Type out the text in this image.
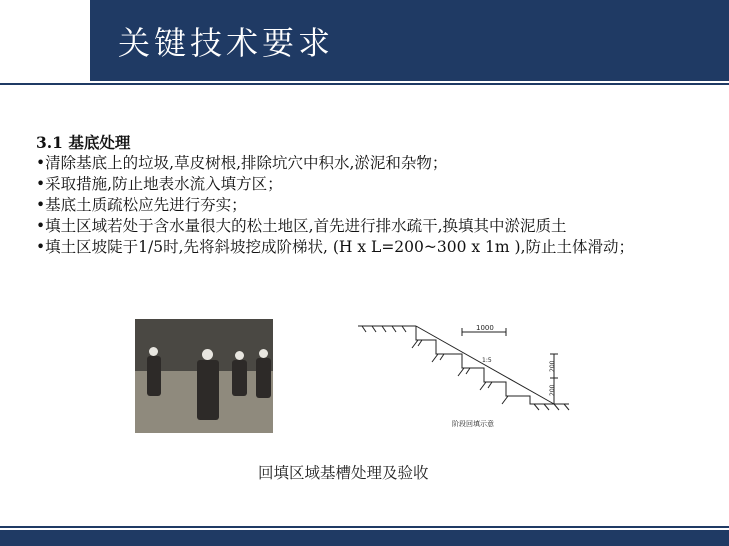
关键技术要求
3.1 基底处理
•清除基底上的垃圾,草皮树根,排除坑穴中积水,淤泥和杂物；
•采取措施,防止地表水流入填方区；
•基底土质疏松应先进行夯实；
•填土区域若处于含水量很大的松土地区,首先进行排水疏干,换填其中淤泥质土
•填土区坡陡于1/5时,先将斜坡挖成阶梯状, (H x L=200~300 x 1m ),防止土体滑动；
1000
1:5
200
200
阶段回填示意
回填区域基槽处理及验收
